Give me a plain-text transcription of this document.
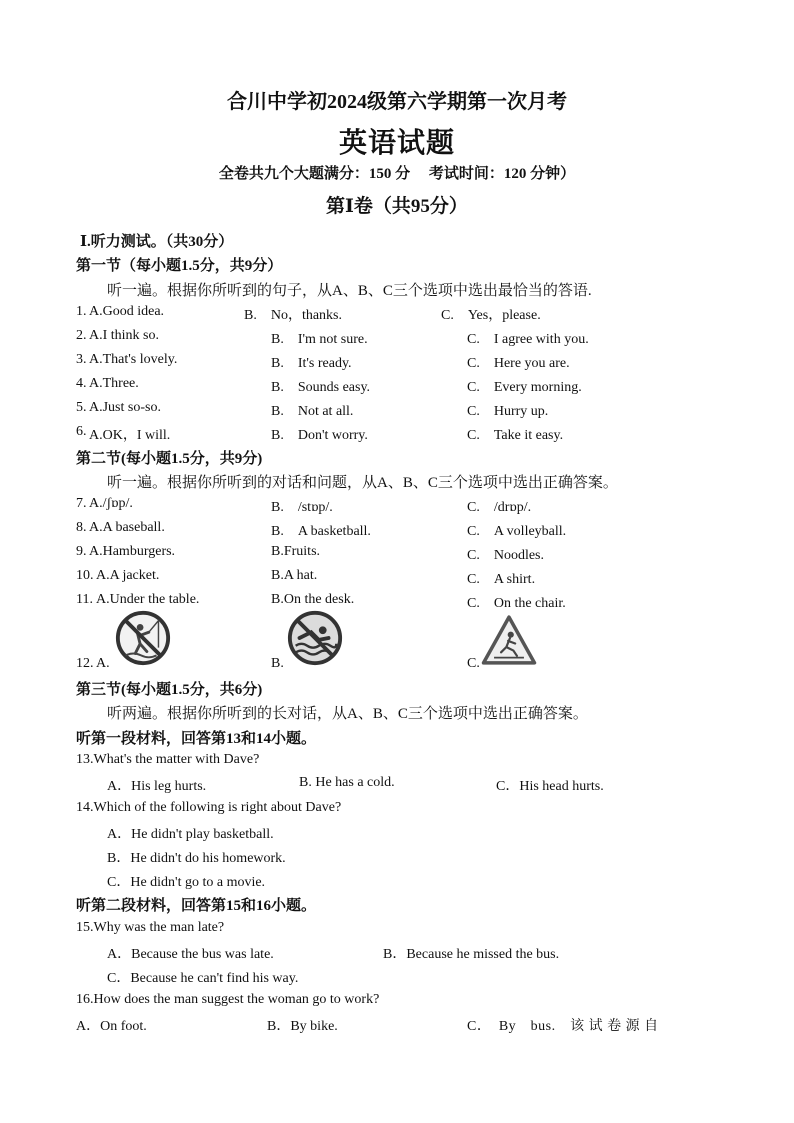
合川中学初2024级第六学期第一次月考
英语试题
全卷共九个大题满分：150 分　 考试时间：120 分钟）
第Ⅰ卷（共95分）
Ⅰ.听力测试。（共30分）
第一节（每小题1.5分，共9分）
听一遍。根据你所听到的句子，从A、B、C三个选项中选出最恰当的答语.
1. A.Good idea.	B.　No，thanks.	C.　Yes，please.
2. A.I think so.	B.　I'm not sure.	C.　I agree with you.
3. A.That's lovely.	B.　It's ready.	C.　Here you are.
4. A.Three.	B.　Sounds easy.	C.　Every morning.
5. A.Just so-so.	B.　Not at all.	C.　Hurry up.
6. A.OK，I will.	B.　Don't worry.	C.　Take it easy.
第二节(每小题1.5分，共9分)
听一遍。根据你所听到的对话和问题，从A、B、C三个选项中选出正确答案。
7. A./ʃɒp/.	B.　/stɒp/.	C.　/drɒp/.
8. A.A baseball.	B.　A basketball.	C.　A volleyball.
9. A.Hamburgers.	B.Fruits.	C.　Noodles.
10. A.A jacket.	B.A hat.	C.　A shirt.
11. A.Under the table.	B.On the desk.	C.　On the chair.
12. A.	B.	C.
第三节(每小题1.5分，共6分)
听两遍。根据你所听到的长对话，从A、B、C三个选项中选出正确答案。
听第一段材料，回答第13和14小题。
13.What's the matter with Dave?
A．His leg hurts.	B. He has a cold.	C．His head hurts.
14.Which of the following is right about Dave?
A．He didn't play basketball.
B．He didn't do his homework.
C．He didn't go to a movie.
听第二段材料，回答第15和16小题。
15.Why was the man late?
A．Because the bus was late.	B．Because he missed the bus.
C．Because he can't find his way.
16.How does the man suggest the woman go to work?
A．On foot.	B．By bike.	C．　By　bus.　该 试 卷 源 自
